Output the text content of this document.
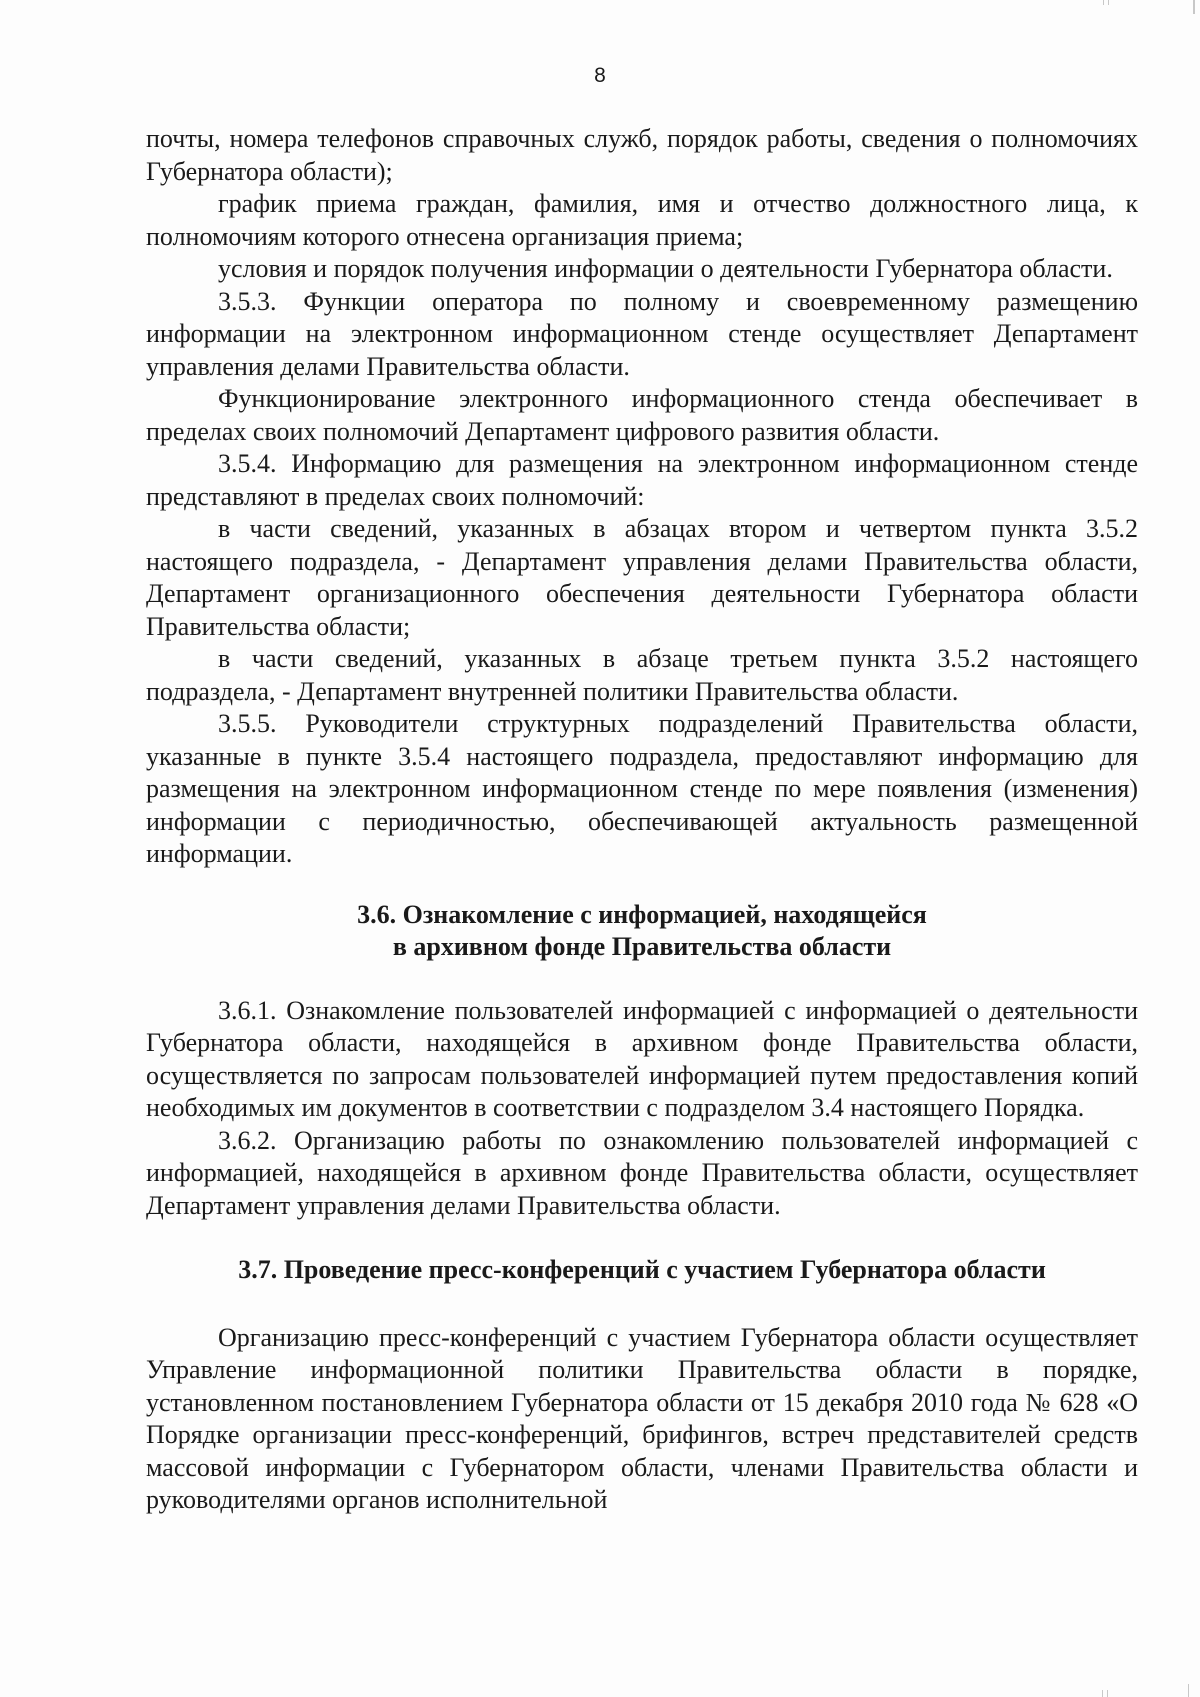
8

почты, номера телефонов справочных служб, порядок работы, сведения о полномочиях Губернатора области);

график приема граждан, фамилия, имя и отчество должностного лица, к полномочиям которого отнесена организация приема;

условия и порядок получения информации о деятельности Губернатора области.

3.5.3. Функции оператора по полному и своевременному размещению информации на электронном информационном стенде осуществляет Департамент управления делами Правительства области.

Функционирование электронного информационного стенда обеспечивает в пределах своих полномочий Департамент цифрового развития области.

3.5.4. Информацию для размещения на электронном информационном стенде представляют в пределах своих полномочий:

в части сведений, указанных в абзацах втором и четвертом пункта 3.5.2 настоящего подраздела, - Департамент управления делами Правительства области, Департамент организационного обеспечения деятельности Губернатора области Правительства области;

в части сведений, указанных в абзаце третьем пункта 3.5.2 настоящего подраздела, - Департамент внутренней политики Правительства области.

3.5.5. Руководители структурных подразделений Правительства области, указанные в пункте 3.5.4 настоящего подраздела, предоставляют информацию для размещения на электронном информационном стенде по мере появления (изменения) информации с периодичностью, обеспечивающей актуальность размещенной информации.

3.6. Ознакомление с информацией, находящейся
в архивном фонде Правительства области

3.6.1. Ознакомление пользователей информацией с информацией о деятельности Губернатора области, находящейся в архивном фонде Правительства области, осуществляется по запросам пользователей информацией путем предоставления копий необходимых им документов в соответствии с подразделом 3.4 настоящего Порядка.

3.6.2. Организацию работы по ознакомлению пользователей информацией с информацией, находящейся в архивном фонде Правительства области, осуществляет Департамент управления делами Правительства области.

3.7. Проведение пресс-конференций с участием Губернатора области

Организацию пресс-конференций с участием Губернатора области осуществляет Управление информационной политики Правительства области в порядке, установленном постановлением Губернатора области от 15 декабря 2010 года № 628 «О Порядке организации пресс-конференций, брифингов, встреч представителей средств массовой информации с Губернатором области, членами Правительства области и руководителями органов исполнительной
